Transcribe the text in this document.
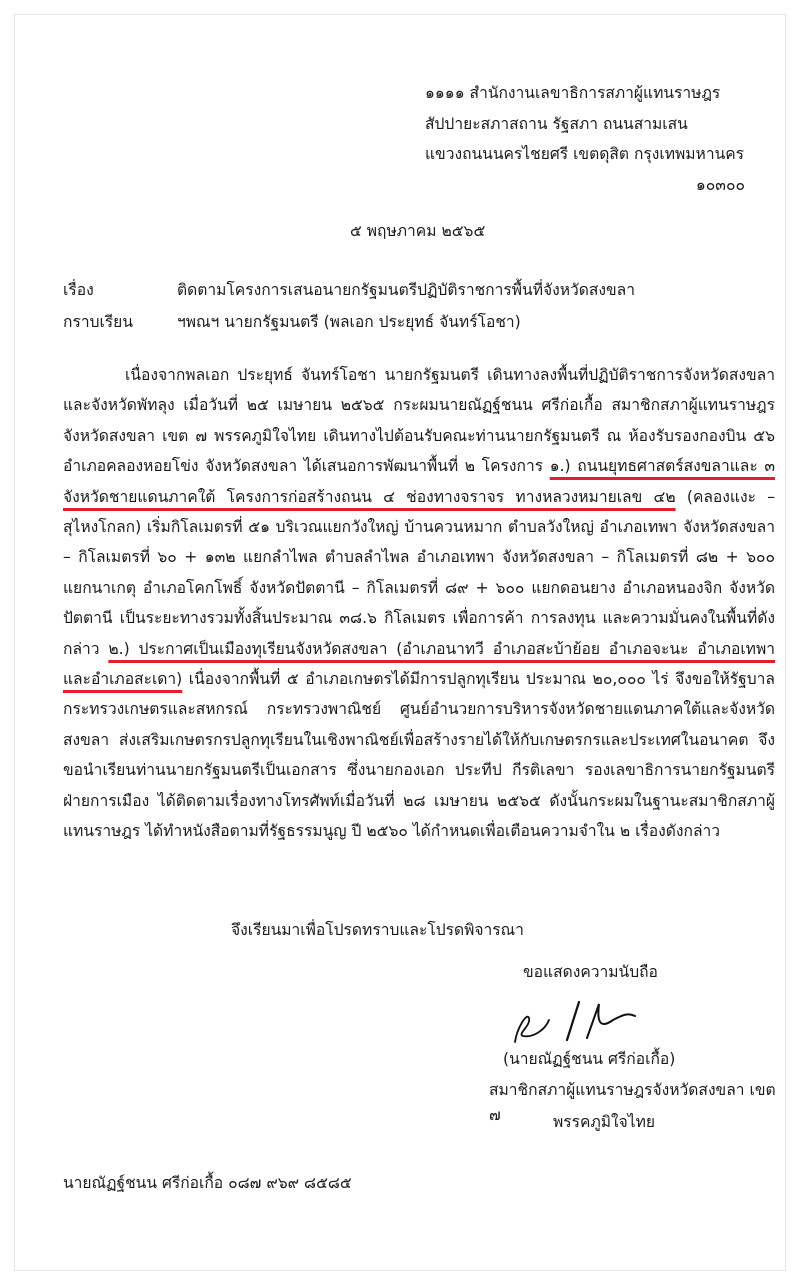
๑๑๑๑ สำนักงานเลขาธิการสภาผู้แทนราษฎร
สัปปายะสภาสถาน รัฐสภา ถนนสามเสน
แขวงถนนนครไชยศรี เขตดุสิต กรุงเทพมหานคร
๑๐๓๐๐
๕ พฤษภาคม ๒๕๖๕
เรื่อง	ติดตามโครงการเสนอนายกรัฐมนตรีปฏิบัติราชการพื้นที่จังหวัดสงขลา
กราบเรียน	ฯพณฯ นายกรัฐมนตรี (พลเอก ประยุทธ์ จันทร์โอชา)

เนื่องจากพลเอก ประยุทธ์ จันทร์โอชา นายกรัฐมนตรี เดินทางลงพื้นที่ปฏิบัติราชการจังหวัดสงขลาและจังหวัดพัทลุง เมื่อวันที่ ๒๕ เมษายน ๒๕๖๕ กระผมนายณัฏฐ์ชนน ศรีก่อเกื้อ สมาชิกสภาผู้แทนราษฎรจังหวัดสงขลา เขต ๗ พรรคภูมิใจไทย เดินทางไปต้อนรับคณะท่านนายกรัฐมนตรี ณ ห้องรับรองกองบิน ๕๖ อำเภอคลองหอยโข่ง จังหวัดสงขลา ได้เสนอการพัฒนาพื้นที่ ๒ โครงการ ๑.) ถนนยุทธศาสตร์สงขลาและ ๓ จังหวัดชายแดนภาคใต้ โครงการก่อสร้างถนน ๔ ช่องทางจราจร ทางหลวงหมายเลข ๔๒ (คลองแงะ – สุไหงโกลก) เริ่มกิโลเมตรที่ ๕๑ บริเวณแยกวังใหญ่ บ้านควนหมาก ตำบลวังใหญ่ อำเภอเทพา จังหวัดสงขลา – กิโลเมตรที่ ๖๐ + ๑๓๒ แยกลำไพล ตำบลลำไพล อำเภอเทพา จังหวัดสงขลา – กิโลเมตรที่ ๘๒ + ๖๐๐ แยกนาเกตุ อำเภอโคกโพธิ์ จังหวัดปัตตานี – กิโลเมตรที่ ๘๙ + ๖๐๐ แยกดอนยาง อำเภอหนองจิก จังหวัดปัตตานี เป็นระยะทางรวมทั้งสิ้นประมาณ ๓๘.๖ กิโลเมตร เพื่อการค้า การลงทุน และความมั่นคงในพื้นที่ดังกล่าว ๒.) ประกาศเป็นเมืองทุเรียนจังหวัดสงขลา (อำเภอนาทวี อำเภอสะบ้าย้อย อำเภอจะนะ อำเภอเทพา และอำเภอสะเดา) เนื่องจากพื้นที่ ๕ อำเภอเกษตรได้มีการปลูกทุเรียน ประมาณ ๒๐,๐๐๐ ไร่ จึงขอให้รัฐบาล กระทรวงเกษตรและสหกรณ์ กระทรวงพาณิชย์ ศูนย์อำนวยการบริหารจังหวัดชายแดนภาคใต้และจังหวัดสงขลา ส่งเสริมเกษตรกรปลูกทุเรียนในเชิงพาณิชย์เพื่อสร้างรายได้ให้กับเกษตรกรและประเทศในอนาคต จึงขอนำเรียนท่านนายกรัฐมนตรีเป็นเอกสาร ซึ่งนายกองเอก ประทีป กีรติเลขา รองเลขาธิการนายกรัฐมนตรีฝ่ายการเมือง ได้ติดตามเรื่องทางโทรศัพท์เมื่อวันที่ ๒๘ เมษายน ๒๕๖๕ ดังนั้นกระผมในฐานะสมาชิกสภาผู้แทนราษฎร ได้ทำหนังสือตามที่รัฐธรรมนูญ ปี ๒๕๖๐ ได้กำหนดเพื่อเตือนความจำใน ๒ เรื่องดังกล่าว

จึงเรียนมาเพื่อโปรดทราบและโปรดพิจารณา
ขอแสดงความนับถือ
(นายณัฏฐ์ชนน ศรีก่อเกื้อ)
สมาชิกสภาผู้แทนราษฎรจังหวัดสงขลา เขต ๗	พรรคภูมิใจไทย
นายณัฏฐ์ชนน ศรีก่อเกื้อ ๐๘๗ ๙๖๙ ๘๕๘๕
